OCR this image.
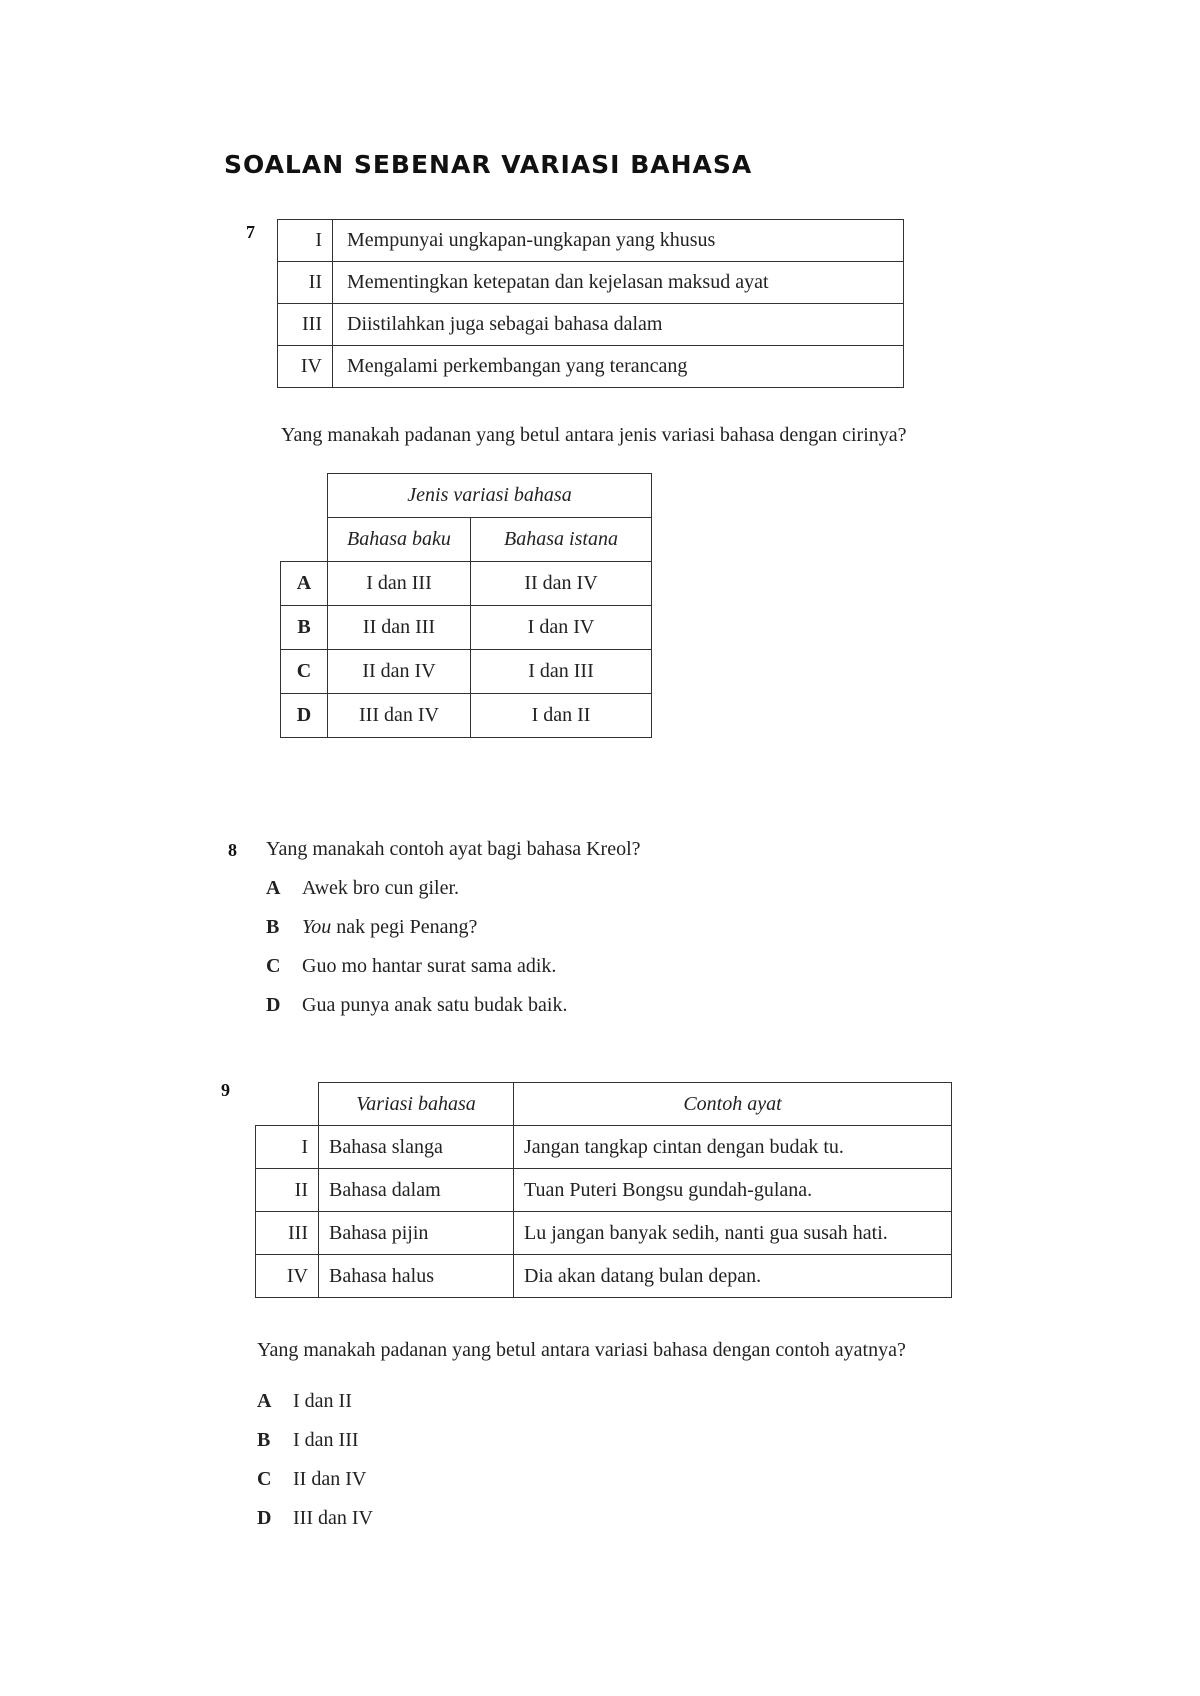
SOALAN SEBENAR VARIASI BAHASA
7	I	Mempunyai ungkapan-ungkapan yang khusus
II	Mementingkan ketepatan dan kejelasan maksud ayat
III	Diistilahkan juga sebagai bahasa dalam
IV	Mengalami perkembangan yang terancang
Yang manakah padanan yang betul antara jenis variasi bahasa dengan cirinya?
	Jenis variasi bahasa	
	Bahasa baku	Bahasa istana
A	I dan III	II dan IV
B	II dan III	I dan IV
C	II dan IV	I dan III
D	III dan IV	I dan II
8 Yang manakah contoh ayat bagi bahasa Kreol?
A Awek bro cun giler.
B You nak pegi Penang?
C Guo mo hantar surat sama adik.
D Gua punya anak satu budak baik.
9
	Variasi bahasa	Contoh ayat
I	Bahasa slanga	Jangan tangkap cintan dengan budak tu.
II	Bahasa dalam	Tuan Puteri Bongsu gundah-gulana.
III	Bahasa pijin	Lu jangan banyak sedih, nanti gua susah hati.
IV	Bahasa halus	Dia akan datang bulan depan.
Yang manakah padanan yang betul antara variasi bahasa dengan contoh ayatnya?
A I dan II
B I dan III
C II dan IV
D III dan IV
